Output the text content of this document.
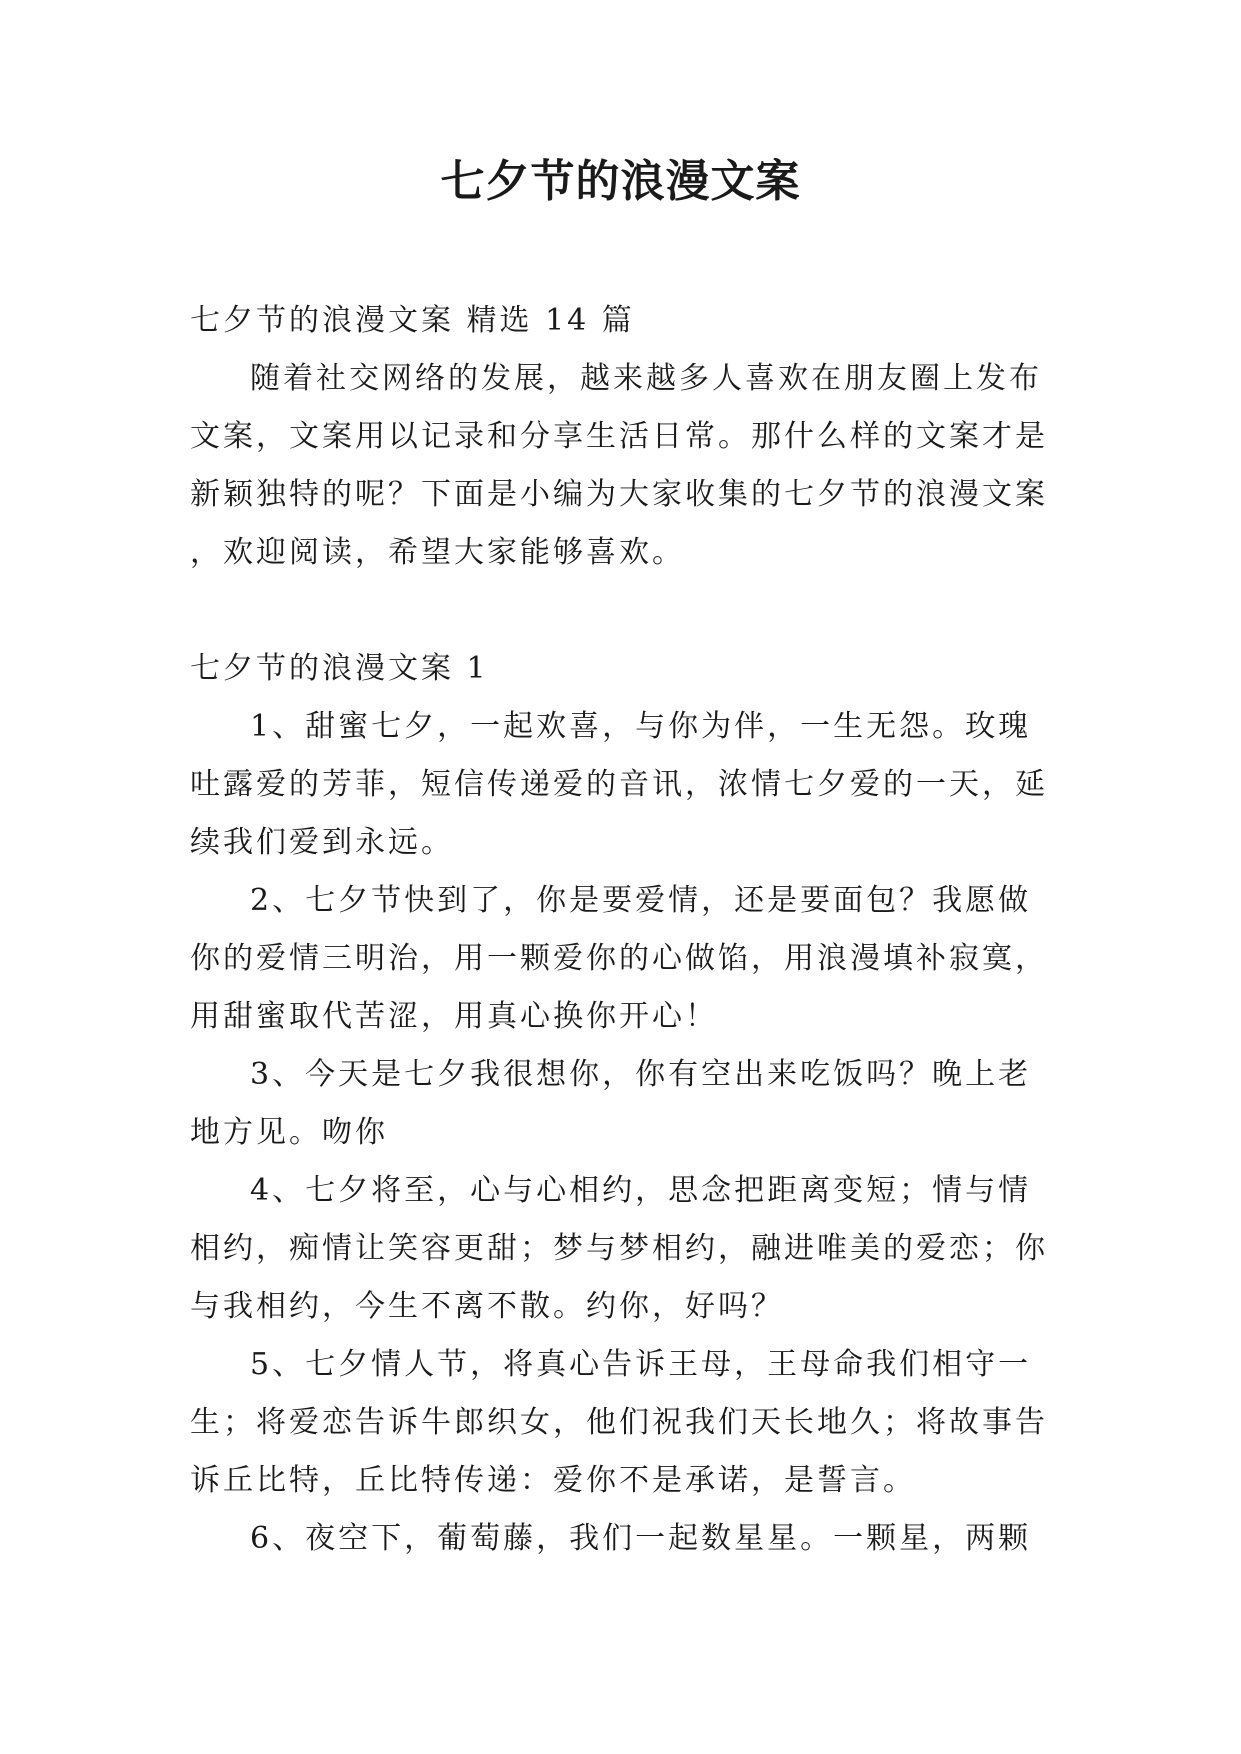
七夕节的浪漫文案

七夕节的浪漫文案 精选 14 篇

随着社交网络的发展，越来越多人喜欢在朋友圈上发布文案，文案用以记录和分享生活日常。那什么样的文案才是新颖独特的呢？下面是小编为大家收集的七夕节的浪漫文案 ，欢迎阅读，希望大家能够喜欢。

七夕节的浪漫文案 1

1、甜蜜七夕，一起欢喜，与你为伴，一生无怨。玫瑰吐露爱的芳菲，短信传递爱的音讯，浓情七夕爱的一天，延续我们爱到永远。

2、七夕节快到了，你是要爱情，还是要面包？我愿做你的爱情三明治，用一颗爱你的心做馅，用浪漫填补寂寞，用甜蜜取代苦涩，用真心换你开心！

3、今天是七夕我很想你，你有空出来吃饭吗？晚上老地方见。吻你

4、七夕将至，心与心相约，思念把距离变短；情与情相约，痴情让笑容更甜；梦与梦相约，融进唯美的爱恋；你与我相约，今生不离不散。约你，好吗？

5、七夕情人节，将真心告诉王母，王母命我们相守一生；将爱恋告诉牛郎织女，他们祝我们天长地久；将故事告诉丘比特，丘比特传递：爱你不是承诺，是誓言。

6、夜空下，葡萄藤，我们一起数星星。一颗星，两颗
